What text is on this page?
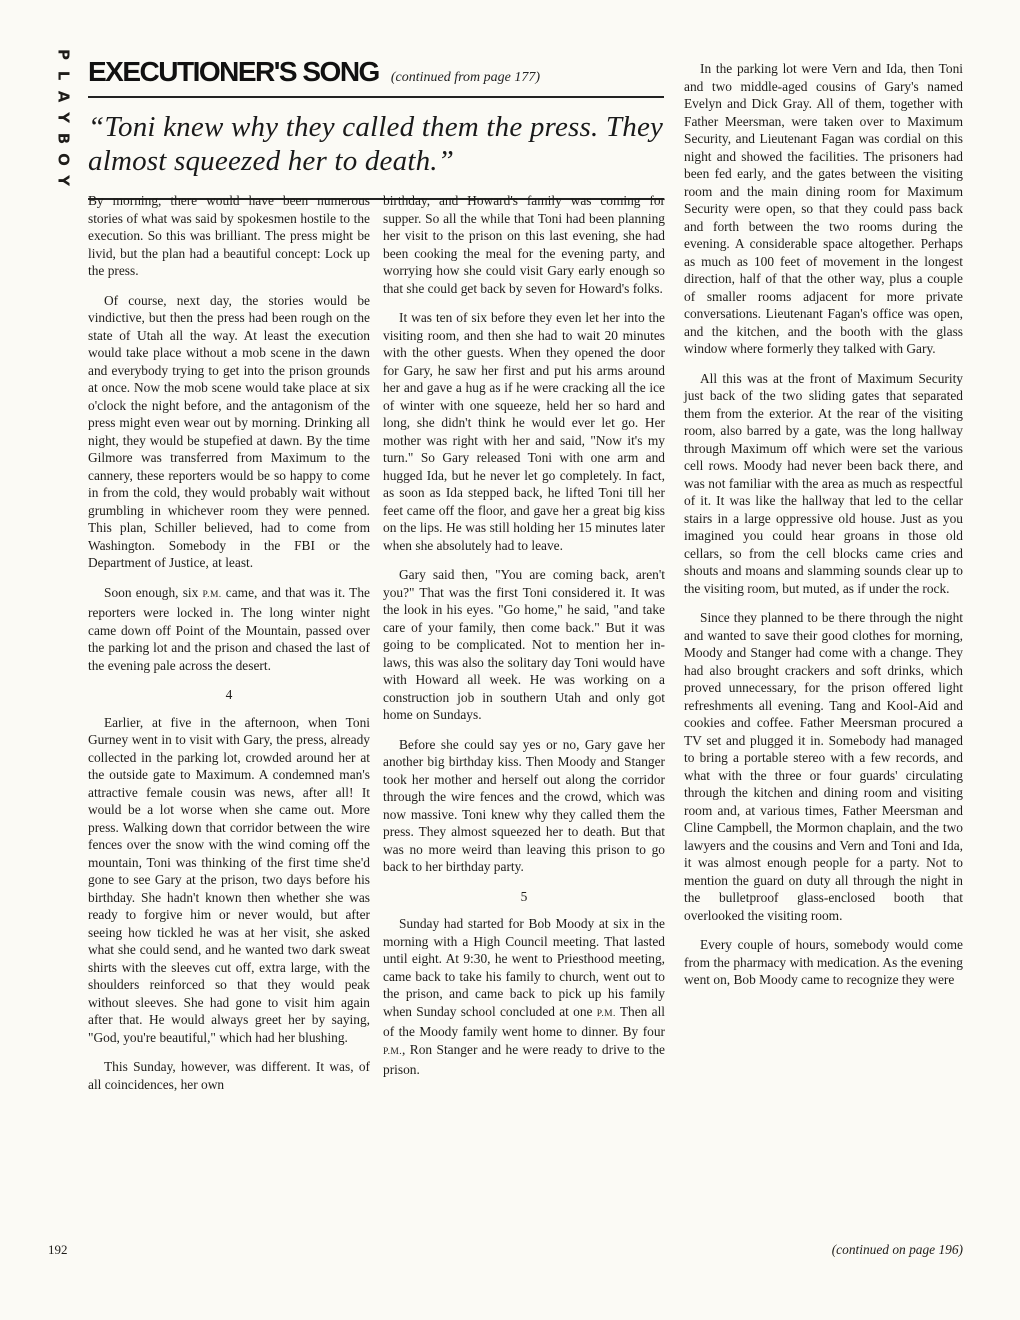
P
L
A
Y
B
O
Y
EXECUTIONER'S SONG (continued from page 177)
“Toni knew why they called them the press. They almost squeezed her to death.”

By morning, there would have been numerous stories of what was said by spokesmen hostile to the execution. So this was brilliant. The press might be livid, but the plan had a beautiful concept: Lock up the press.

Of course, next day, the stories would be vindictive, but then the press had been rough on the state of Utah all the way. At least the execution would take place without a mob scene in the dawn and everybody trying to get into the prison grounds at once. Now the mob scene would take place at six o'clock the night before, and the antagonism of the press might even wear out by morning. Drinking all night, they would be stupefied at dawn. By the time Gilmore was transferred from Maximum to the cannery, these reporters would be so happy to come in from the cold, they would probably wait without grumbling in whichever room they were penned. This plan, Schiller believed, had to come from Washington. Somebody in the FBI or the Department of Justice, at least.

Soon enough, six P.M. came, and that was it. The reporters were locked in. The long winter night came down off Point of the Mountain, passed over the parking lot and the prison and chased the last of the evening pale across the desert.

4

Earlier, at five in the afternoon, when Toni Gurney went in to visit with Gary, the press, already collected in the parking lot, crowded around her at the outside gate to Maximum. A condemned man's attractive female cousin was news, after all! It would be a lot worse when she came out. More press. Walking down that corridor between the wire fences over the snow with the wind coming off the mountain, Toni was thinking of the first time she'd gone to see Gary at the prison, two days before his birthday. She hadn't known then whether she was ready to forgive him or never would, but after seeing how tickled he was at her visit, she asked what she could send, and he wanted two dark sweat shirts with the sleeves cut off, extra large, with the shoulders reinforced so that they would peak without sleeves. She had gone to visit him again after that. He would always greet her by saying, "God, you're beautiful," which had her blushing.

This Sunday, however, was different. It was, of all coincidences, her own

birthday, and Howard's family was coming for supper. So all the while that Toni had been planning her visit to the prison on this last evening, she had been cooking the meal for the evening party, and worrying how she could visit Gary early enough so that she could get back by seven for Howard's folks.

It was ten of six before they even let her into the visiting room, and then she had to wait 20 minutes with the other guests. When they opened the door for Gary, he saw her first and put his arms around her and gave a hug as if he were cracking all the ice of winter with one squeeze, held her so hard and long, she didn't think he would ever let go. Her mother was right with her and said, "Now it's my turn." So Gary released Toni with one arm and hugged Ida, but he never let go completely. In fact, as soon as Ida stepped back, he lifted Toni till her feet came off the floor, and gave her a great big kiss on the lips. He was still holding her 15 minutes later when she absolutely had to leave.

Gary said then, "You are coming back, aren't you?" That was the first Toni considered it. It was the look in his eyes. "Go home," he said, "and take care of your family, then come back." But it was going to be complicated. Not to mention her in-laws, this was also the solitary day Toni would have with Howard all week. He was working on a construction job in southern Utah and only got home on Sundays.

Before she could say yes or no, Gary gave her another big birthday kiss. Then Moody and Stanger took her mother and herself out along the corridor through the wire fences and the crowd, which was now massive. Toni knew why they called them the press. They almost squeezed her to death. But that was no more weird than leaving this prison to go back to her birthday party.

5

Sunday had started for Bob Moody at six in the morning with a High Council meeting. That lasted until eight. At 9:30, he went to Priesthood meeting, came back to take his family to church, went out to the prison, and came back to pick up his family when Sunday school concluded at one P.M. Then all of the Moody family went home to dinner. By four P.M., Ron Stanger and he were ready to drive to the prison.

In the parking lot were Vern and Ida, then Toni and two middle-aged cousins of Gary's named Evelyn and Dick Gray. All of them, together with Father Meersman, were taken over to Maximum Security, and Lieutenant Fagan was cordial on this night and showed the facilities. The prisoners had been fed early, and the gates between the visiting room and the main dining room for Maximum Security were open, so that they could pass back and forth between the two rooms during the evening. A considerable space altogether. Perhaps as much as 100 feet of movement in the longest direction, half of that the other way, plus a couple of smaller rooms adjacent for more private conversations. Lieutenant Fagan's office was open, and the kitchen, and the booth with the glass window where formerly they talked with Gary.

All this was at the front of Maximum Security just back of the two sliding gates that separated them from the exterior. At the rear of the visiting room, also barred by a gate, was the long hallway through Maximum off which were set the various cell rows. Moody had never been back there, and was not familiar with the area as much as respectful of it. It was like the hallway that led to the cellar stairs in a large oppressive old house. Just as you imagined you could hear groans in those old cellars, so from the cell blocks came cries and shouts and moans and slamming sounds clear up to the visiting room, but muted, as if under the rock.

Since they planned to be there through the night and wanted to save their good clothes for morning, Moody and Stanger had come with a change. They had also brought crackers and soft drinks, which proved unnecessary, for the prison offered light refreshments all evening. Tang and Kool-Aid and cookies and coffee. Father Meersman procured a TV set and plugged it in. Somebody had managed to bring a portable stereo with a few records, and what with the three or four guards' circulating through the kitchen and dining room and visiting room and, at various times, Father Meersman and Cline Campbell, the Mormon chaplain, and the two lawyers and the cousins and Vern and Toni and Ida, it was almost enough people for a party. Not to mention the guard on duty all through the night in the bulletproof glass-enclosed booth that overlooked the visiting room.

Every couple of hours, somebody would come from the pharmacy with medication. As the evening went on, Bob Moody came to recognize they were

(continued on page 196)
192
